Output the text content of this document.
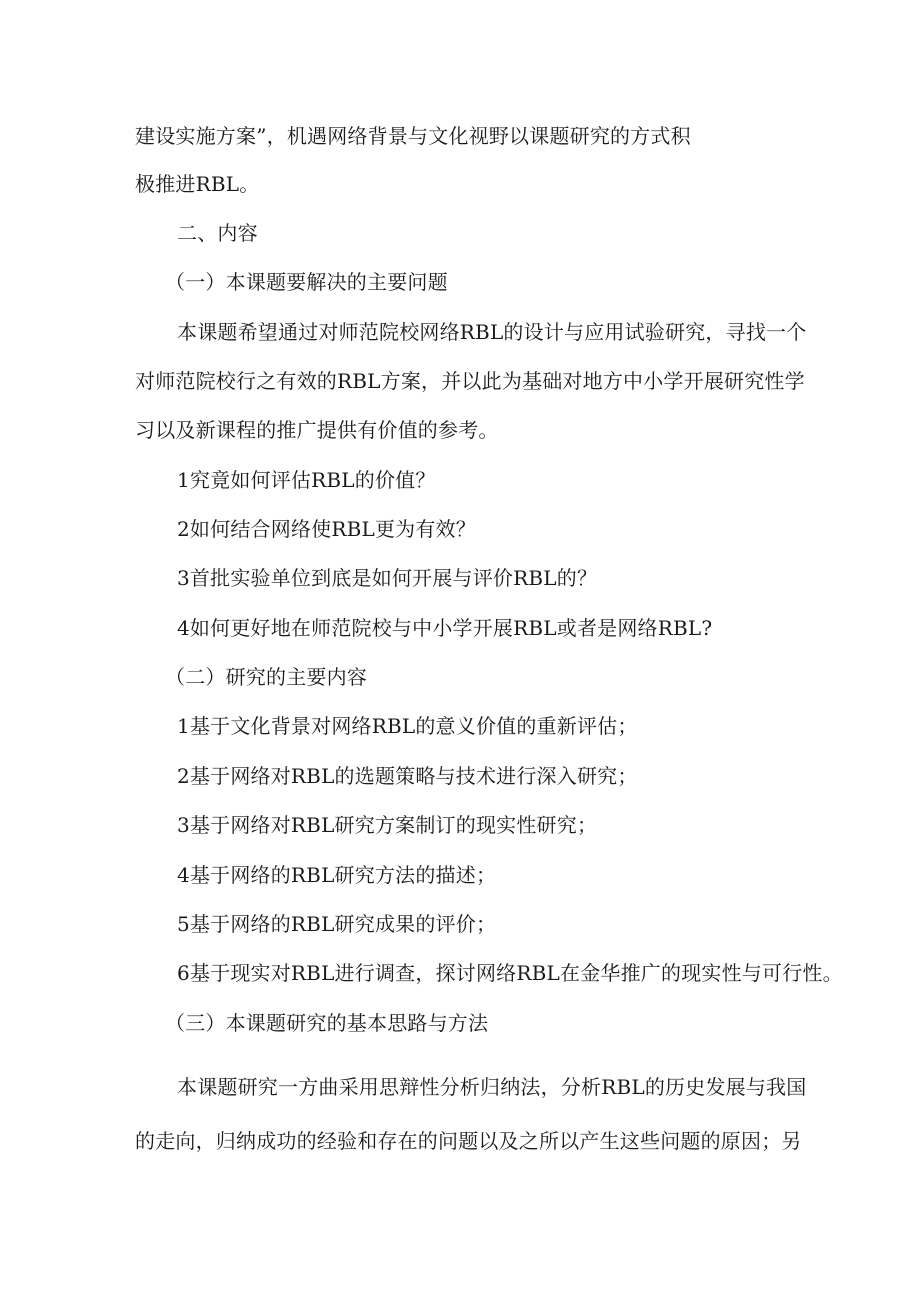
建设实施方案”，机遇网络背景与文化视野以课题研究的方式积
极推进RBL。
二、内容
（一）本课题要解决的主要问题
本课题希望通过对师范院校网络RBL的设计与应用试验研究，寻找一个
对师范院校行之有效的RBL方案，并以此为基础对地方中小学开展研究性学
习以及新课程的推广提供有价值的参考。
1究竟如何评估RBL的价值？
2如何结合网络使RBL更为有效？
3首批实验单位到底是如何开展与评价RBL的？
4如何更好地在师范院校与中小学开展RBL或者是网络RBL?
（二）研究的主要内容
1基于文化背景对网络RBL的意义价值的重新评估；
2基于网络对RBL的选题策略与技术进行深入研究；
3基于网络对RBL研究方案制订的现实性研究；
4基于网络的RBL研究方法的描述；
5基于网络的RBL研究成果的评价；
6基于现实对RBL进行调查，探讨网络RBL在金华推广的现实性与可行性。
（三）本课题研究的基本思路与方法
本课题研究一方曲采用思辩性分析归纳法，分析RBL的历史发展与我国
的走向，归纳成功的经验和存在的问题以及之所以产生这些问题的原因；另
